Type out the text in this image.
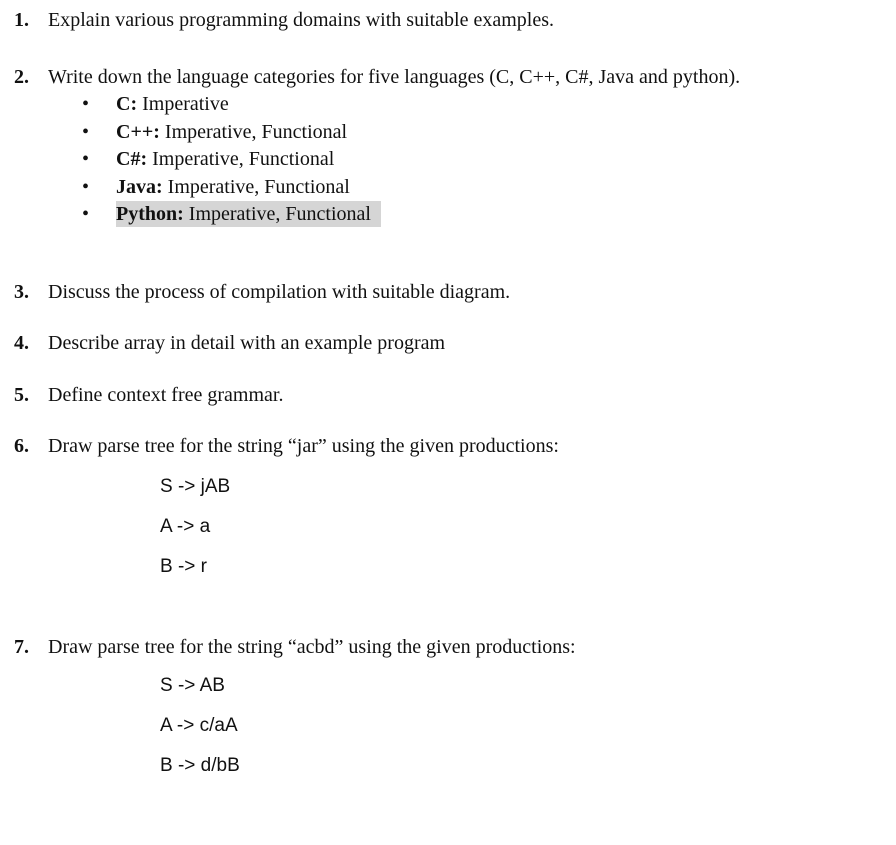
1. Explain various programming domains with suitable examples.
2. Write down the language categories for five languages (C, C++, C#, Java and python).
• C: Imperative
• C++: Imperative, Functional
• C#: Imperative, Functional
• Java: Imperative, Functional
• Python: Imperative, Functional
3. Discuss the process of compilation with suitable diagram.
4. Describe array in detail with an example program
5. Define context free grammar.
6. Draw parse tree for the string “jar” using the given productions:
S -> jAB
A -> a
B -> r
7. Draw parse tree for the string “acbd” using the given productions:
S -> AB
A -> c/aA
B -> d/bB
